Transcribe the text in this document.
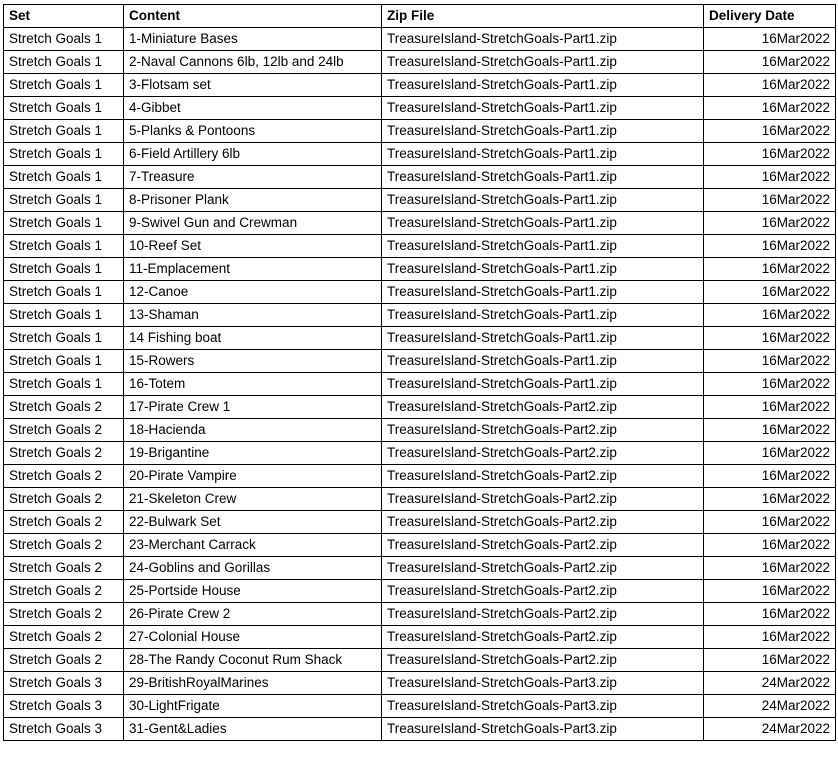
Set	Content	Zip File	Delivery Date
Stretch Goals 1	1-Miniature Bases	TreasureIsland-StretchGoals-Part1.zip	16Mar2022
Stretch Goals 1	2-Naval Cannons 6lb, 12lb and 24lb	TreasureIsland-StretchGoals-Part1.zip	16Mar2022
Stretch Goals 1	3-Flotsam set	TreasureIsland-StretchGoals-Part1.zip	16Mar2022
Stretch Goals 1	4-Gibbet	TreasureIsland-StretchGoals-Part1.zip	16Mar2022
Stretch Goals 1	5-Planks & Pontoons	TreasureIsland-StretchGoals-Part1.zip	16Mar2022
Stretch Goals 1	6-Field Artillery 6lb	TreasureIsland-StretchGoals-Part1.zip	16Mar2022
Stretch Goals 1	7-Treasure	TreasureIsland-StretchGoals-Part1.zip	16Mar2022
Stretch Goals 1	8-Prisoner Plank	TreasureIsland-StretchGoals-Part1.zip	16Mar2022
Stretch Goals 1	9-Swivel Gun and Crewman	TreasureIsland-StretchGoals-Part1.zip	16Mar2022
Stretch Goals 1	10-Reef Set	TreasureIsland-StretchGoals-Part1.zip	16Mar2022
Stretch Goals 1	11-Emplacement	TreasureIsland-StretchGoals-Part1.zip	16Mar2022
Stretch Goals 1	12-Canoe	TreasureIsland-StretchGoals-Part1.zip	16Mar2022
Stretch Goals 1	13-Shaman	TreasureIsland-StretchGoals-Part1.zip	16Mar2022
Stretch Goals 1	14 Fishing boat	TreasureIsland-StretchGoals-Part1.zip	16Mar2022
Stretch Goals 1	15-Rowers	TreasureIsland-StretchGoals-Part1.zip	16Mar2022
Stretch Goals 1	16-Totem	TreasureIsland-StretchGoals-Part1.zip	16Mar2022
Stretch Goals 2	17-Pirate Crew 1	TreasureIsland-StretchGoals-Part2.zip	16Mar2022
Stretch Goals 2	18-Hacienda	TreasureIsland-StretchGoals-Part2.zip	16Mar2022
Stretch Goals 2	19-Brigantine	TreasureIsland-StretchGoals-Part2.zip	16Mar2022
Stretch Goals 2	20-Pirate Vampire	TreasureIsland-StretchGoals-Part2.zip	16Mar2022
Stretch Goals 2	21-Skeleton Crew	TreasureIsland-StretchGoals-Part2.zip	16Mar2022
Stretch Goals 2	22-Bulwark Set	TreasureIsland-StretchGoals-Part2.zip	16Mar2022
Stretch Goals 2	23-Merchant Carrack	TreasureIsland-StretchGoals-Part2.zip	16Mar2022
Stretch Goals 2	24-Goblins and Gorillas	TreasureIsland-StretchGoals-Part2.zip	16Mar2022
Stretch Goals 2	25-Portside House	TreasureIsland-StretchGoals-Part2.zip	16Mar2022
Stretch Goals 2	26-Pirate Crew 2	TreasureIsland-StretchGoals-Part2.zip	16Mar2022
Stretch Goals 2	27-Colonial House	TreasureIsland-StretchGoals-Part2.zip	16Mar2022
Stretch Goals 2	28-The Randy Coconut Rum Shack	TreasureIsland-StretchGoals-Part2.zip	16Mar2022
Stretch Goals 3	29-BritishRoyalMarines	TreasureIsland-StretchGoals-Part3.zip	24Mar2022
Stretch Goals 3	30-LightFrigate	TreasureIsland-StretchGoals-Part3.zip	24Mar2022
Stretch Goals 3	31-Gent&Ladies	TreasureIsland-StretchGoals-Part3.zip	24Mar2022
